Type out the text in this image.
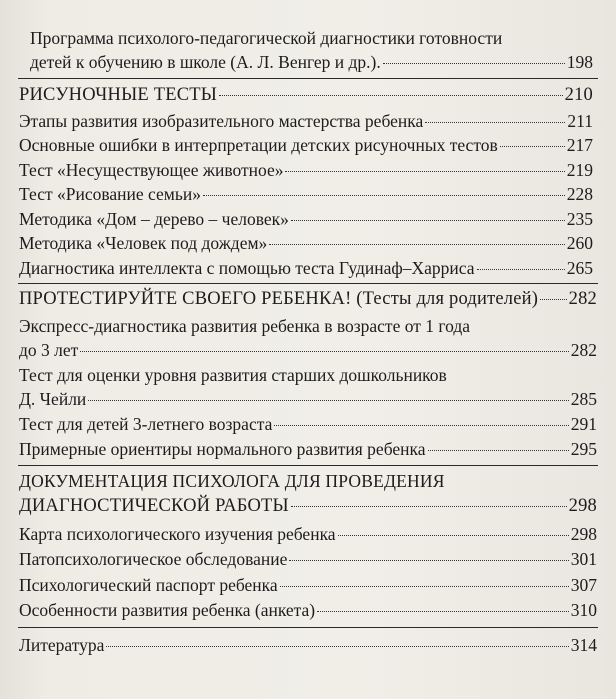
Программа психолого-педагогической диагностики готовности
детей к обучению в школе (А. Л. Венгер и др.).	198
РИСУНОЧНЫЕ ТЕСТЫ	210
Этапы развития изобразительного мастерства ребенка	211
Основные ошибки в интерпретации детских рисуночных тестов	217
Тест «Несуществующее животное»	219
Тест «Рисование семьи»	228
Методика «Дом – дерево – человек»	235
Методика «Человек под дождем»	260
Диагностика интеллекта с помощью теста Гудинаф–Харриса	265
ПРОТЕСТИРУЙТЕ СВОЕГО РЕБЕНКА! (Тесты для родителей) 282
Экспресс-диагностика развития ребенка в возрасте от 1 года
до 3 лет	282
Тест для оценки уровня развития старших дошкольников
Д. Чейли	285
Тест для детей 3-летнего возраста	291
Примерные ориентиры нормального развития ребенка	295
ДОКУМЕНТАЦИЯ ПСИХОЛОГА ДЛЯ ПРОВЕДЕНИЯ
ДИАГНОСТИЧЕСКОЙ РАБОТЫ	298
Карта психологического изучения ребенка	298
Патопсихологическое обследование	301
Психологический паспорт ребенка	307
Особенности развития ребенка (анкета)	310
Литература	314
